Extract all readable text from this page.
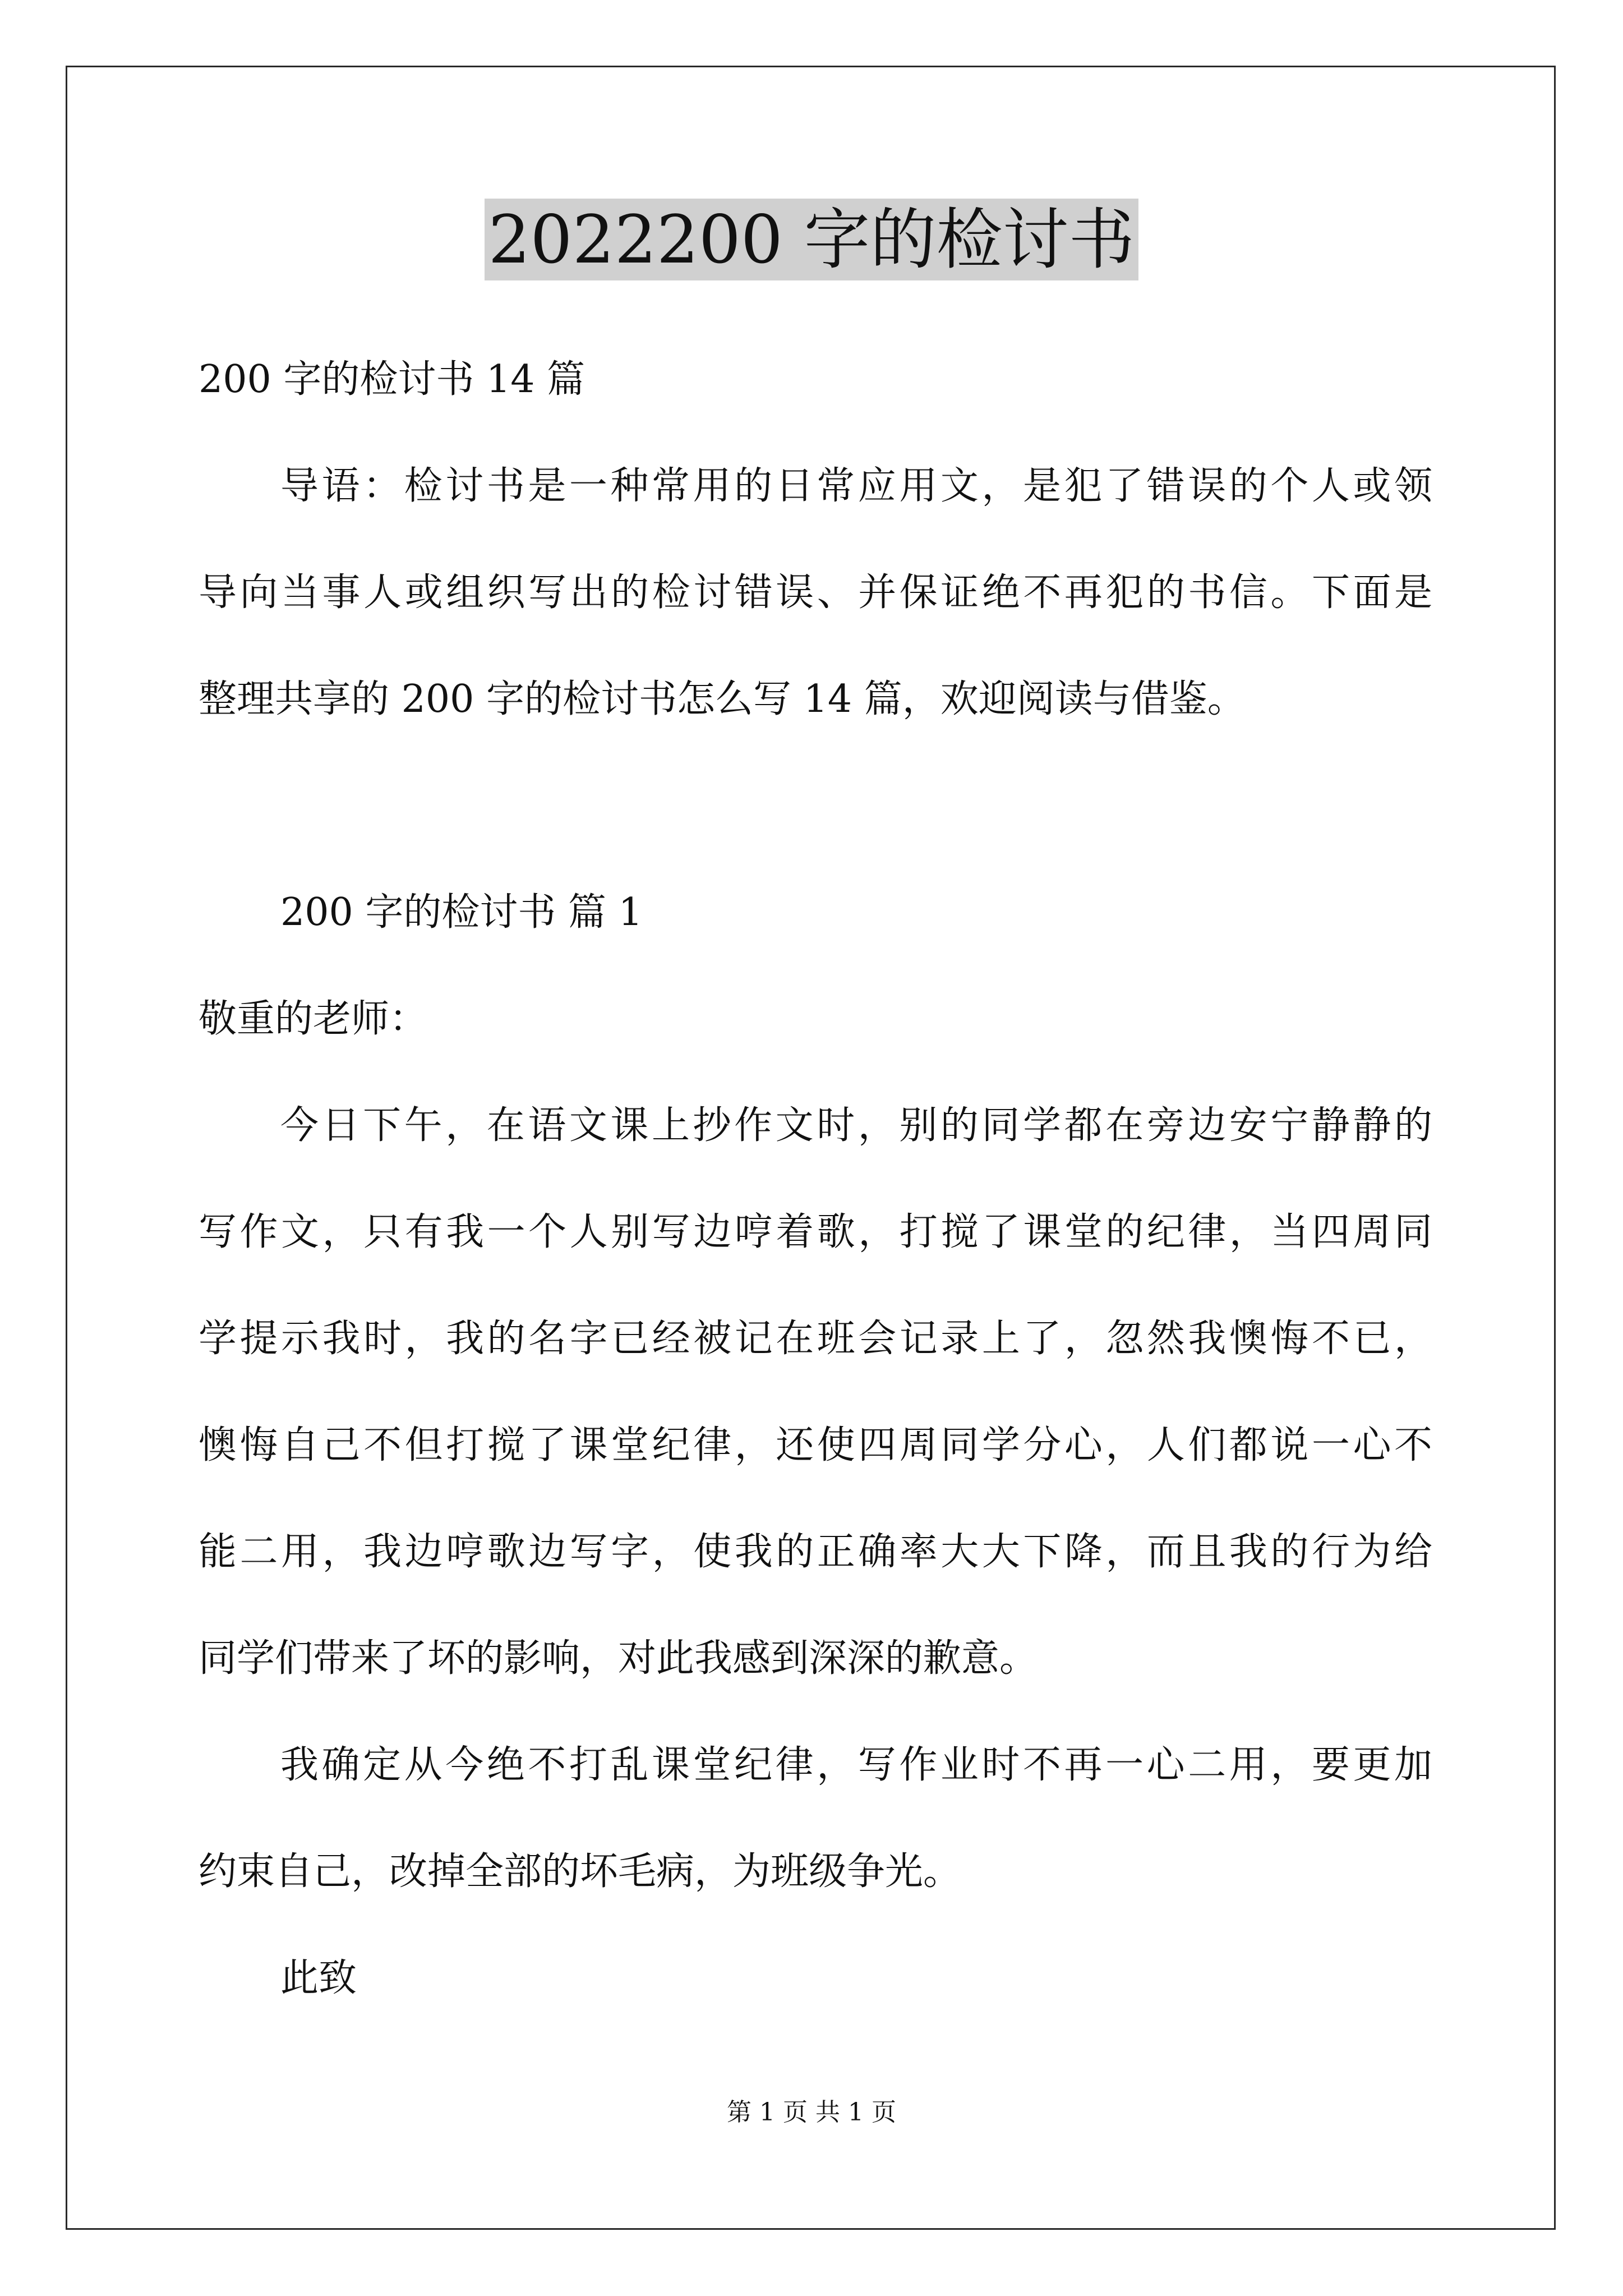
2022200 字的检讨书
200 字的检讨书 14 篇
导语：检讨书是一种常用的日常应用文，是犯了错误的个人或领
导向当事人或组织写出的检讨错误、并保证绝不再犯的书信。下面是
整理共享的 200 字的检讨书怎么写 14 篇，欢迎阅读与借鉴。
200 字的检讨书 篇 1
敬重的老师：
今日下午，在语文课上抄作文时，别的同学都在旁边安宁静静的
写作文，只有我一个人别写边哼着歌，打搅了课堂的纪律，当四周同
学提示我时，我的名字已经被记在班会记录上了，忽然我懊悔不已，
懊悔自己不但打搅了课堂纪律，还使四周同学分心，人们都说一心不
能二用，我边哼歌边写字，使我的正确率大大下降，而且我的行为给
同学们带来了坏的影响，对此我感到深深的歉意。
我确定从今绝不打乱课堂纪律，写作业时不再一心二用，要更加
约束自己，改掉全部的坏毛病，为班级争光。
此致
第 1 页 共 1 页
